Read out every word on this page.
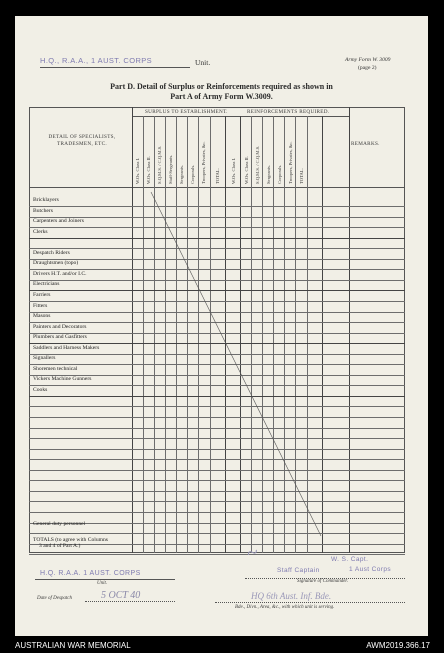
H.Q., R.A.A., 1 AUST. CORPS	Unit.	Army Form W. 3009
(page 2)
Part D. Detail of Surplus or Reinforcements required as shown in
Part A of Army Form W.3009.
SURPLUS TO ESTABLISHMENT.	REINFORCEMENTS REQUIRED.
DETAIL OF SPECIALISTS, TRADESMEN, ETC.	REMARKS.
W.Os. Class I. W.Os. Class II. S.Q.M.S. / C.Q.M.S. Staff-Sergeants. Sergeants. Corporals. Troopers, Privates, &c. TOTAL. W.Os. Class I. W.Os. Class II. S.Q.M.S. / C.Q.M.S. Sergeants. Corporals. Troopers, Privates, &c. TOTAL.
Bricklayers
Butchers
Carpenters and Joiners
Clerks
Despatch Riders
Draughtsmen (topo)
Drivers H.T. and/or I.C.
Electricians
Farriers
Fitters
Masons
Painters and Decorators
Plumbers and Gasfitters
Saddlers and Harness Makers
Signallers
Shoremen technical
Vickers Machine Gunners
Cooks
General duty personnel
TOTALS (to agree with Columns
3 and 4 of Part A.)
H.Q. R.A.A. 1 AUST. CORPS
Unit.
Date of Despatch	5 OCT 40
~	W. S. Capt.
Staff Captain	1 Aust Corps
Signature of Commander.
HQ 6th Aust. Inf. Bde.
Bde., Divn., Area, &c., with which unit is serving.
AUSTRALIAN WAR MEMORIAL	AWM2019.366.17
